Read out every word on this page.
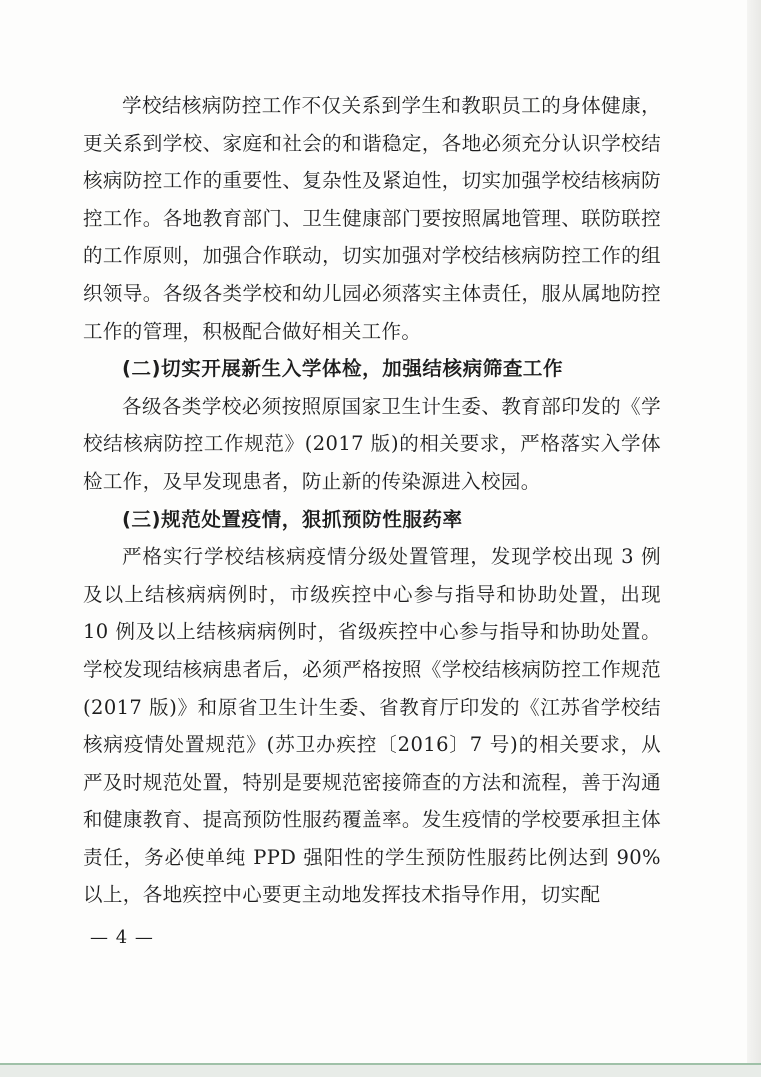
学校结核病防控工作不仅关系到学生和教职员工的身体健康，更关系到学校、家庭和社会的和谐稳定，各地必须充分认识学校结核病防控工作的重要性、复杂性及紧迫性，切实加强学校结核病防控工作。各地教育部门、卫生健康部门要按照属地管理、联防联控的工作原则，加强合作联动，切实加强对学校结核病防控工作的组织领导。各级各类学校和幼儿园必须落实主体责任，服从属地防控工作的管理，积极配合做好相关工作。

(二)切实开展新生入学体检，加强结核病筛查工作

各级各类学校必须按照原国家卫生计生委、教育部印发的《学校结核病防控工作规范》(2017 版)的相关要求，严格落实入学体检工作，及早发现患者，防止新的传染源进入校园。

(三)规范处置疫情，狠抓预防性服药率

严格实行学校结核病疫情分级处置管理，发现学校出现 3 例及以上结核病病例时，市级疾控中心参与指导和协助处置，出现 10 例及以上结核病病例时，省级疾控中心参与指导和协助处置。学校发现结核病患者后，必须严格按照《学校结核病防控工作规范(2017 版)》和原省卫生计生委、省教育厅印发的《江苏省学校结核病疫情处置规范》(苏卫办疾控〔2016〕7 号)的相关要求，从严及时规范处置，特别是要规范密接筛查的方法和流程，善于沟通和健康教育、提高预防性服药覆盖率。发生疫情的学校要承担主体责任，务必使单纯 PPD 强阳性的学生预防性服药比例达到 90% 以上，各地疾控中心要更主动地发挥技术指导作用，切实配

— 4 —
